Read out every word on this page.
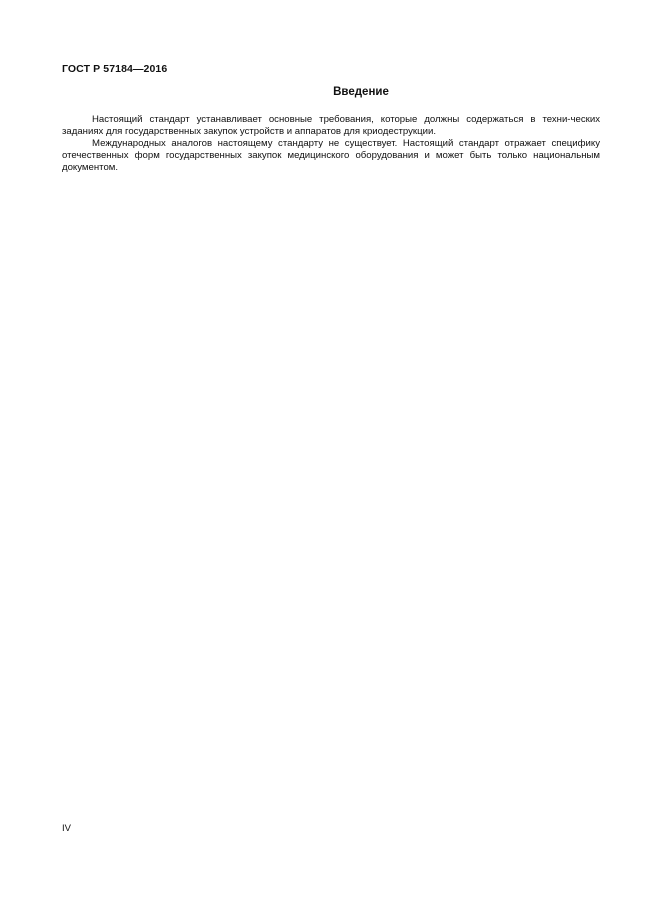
ГОСТ Р 57184—2016
Введение

Настоящий стандарт устанавливает основные требования, которые должны содержаться в техни-ческих заданиях для государственных закупок устройств и аппаратов для криодеструкции.

Международных аналогов настоящему стандарту не существует. Настоящий стандарт отражает специфику отечественных форм государственных закупок медицинского оборудования и может быть только национальным документом.

IV
